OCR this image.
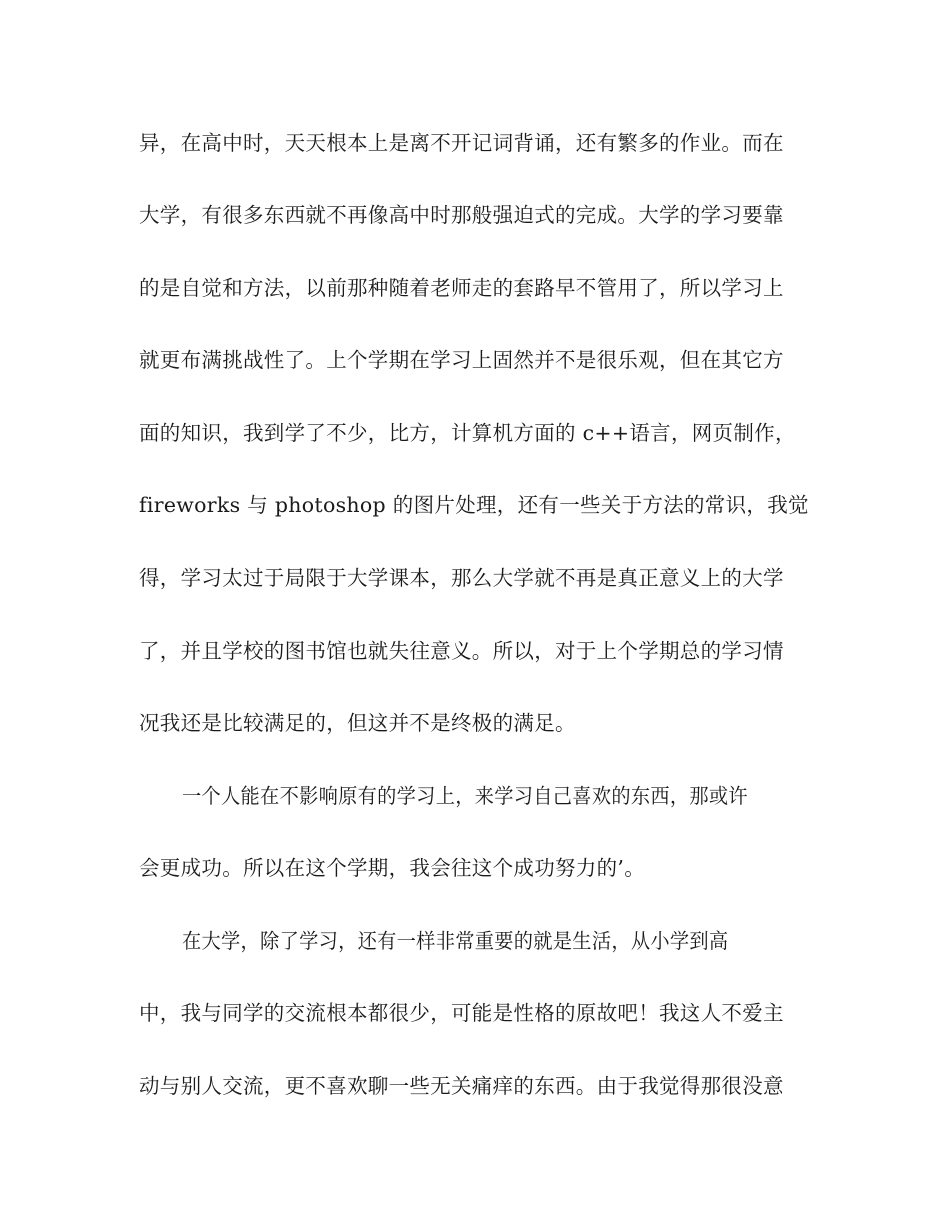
异，在高中时，天天根本上是离不开记词背诵，还有繁多的作业。而在
大学，有很多东西就不再像高中时那般强迫式的完成。大学的学习要靠
的是自觉和方法，以前那种随着老师走的套路早不管用了，所以学习上
就更布满挑战性了。上个学期在学习上固然并不是很乐观，但在其它方
面的知识，我到学了不少，比方，计算机方面的 c++语言，网页制作，
fireworks 与 photoshop 的图片处理，还有一些关于方法的常识，我觉
得，学习太过于局限于大学课本，那么大学就不再是真正意义上的大学
了，并且学校的图书馆也就失往意义。所以，对于上个学期总的学习情
况我还是比较满足的，但这并不是终极的满足。
一个人能在不影响原有的学习上，来学习自己喜欢的东西，那或许
会更成功。所以在这个学期，我会往这个成功努力的’。
在大学，除了学习，还有一样非常重要的就是生活，从小学到高
中，我与同学的交流根本都很少，可能是性格的原故吧！我这人不爱主
动与别人交流，更不喜欢聊一些无关痛痒的东西。由于我觉得那很没意
